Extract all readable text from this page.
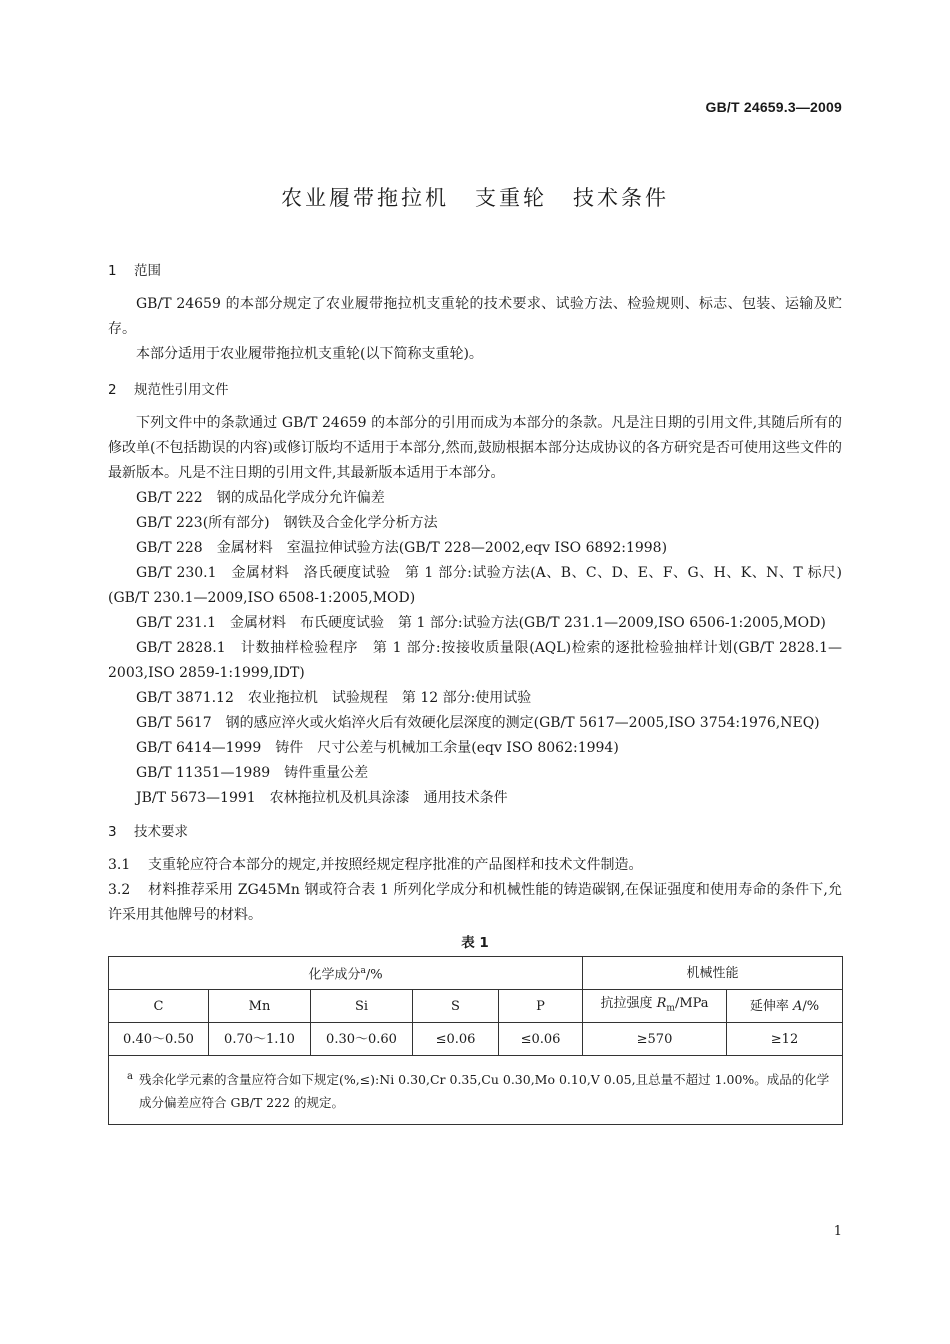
GB/T 24659.3—2009
农业履带拖拉机 支重轮 技术条件
1 范围
GB/T 24659 的本部分规定了农业履带拖拉机支重轮的技术要求、试验方法、检验规则、标志、包装、运输及贮存。
本部分适用于农业履带拖拉机支重轮(以下简称支重轮)。
2 规范性引用文件
下列文件中的条款通过 GB/T 24659 的本部分的引用而成为本部分的条款。凡是注日期的引用文件,其随后所有的修改单(不包括勘误的内容)或修订版均不适用于本部分,然而,鼓励根据本部分达成协议的各方研究是否可使用这些文件的最新版本。凡是不注日期的引用文件,其最新版本适用于本部分。
GB/T 222　钢的成品化学成分允许偏差
GB/T 223(所有部分)　钢铁及合金化学分析方法
GB/T 228　金属材料　室温拉伸试验方法(GB/T 228—2002,eqv ISO 6892:1998)
GB/T 230.1　金属材料　洛氏硬度试验　第 1 部分:试验方法(A、B、C、D、E、F、G、H、K、N、T 标尺)(GB/T 230.1—2009,ISO 6508-1:2005,MOD)
GB/T 231.1　金属材料　布氏硬度试验　第 1 部分:试验方法(GB/T 231.1—2009,ISO 6506-1:2005,MOD)
GB/T 2828.1　计数抽样检验程序　第 1 部分:按接收质量限(AQL)检索的逐批检验抽样计划(GB/T 2828.1—2003,ISO 2859-1:1999,IDT)
GB/T 3871.12　农业拖拉机　试验规程　第 12 部分:使用试验
GB/T 5617　钢的感应淬火或火焰淬火后有效硬化层深度的测定(GB/T 5617—2005,ISO 3754:1976,NEQ)
GB/T 6414—1999　铸件　尺寸公差与机械加工余量(eqv ISO 8062:1994)
GB/T 11351—1989　铸件重量公差
JB/T 5673—1991　农林拖拉机及机具涂漆　通用技术条件
3 技术要求
3.1 支重轮应符合本部分的规定,并按照经规定程序批准的产品图样和技术文件制造。
3.2 材料推荐采用 ZG45Mn 钢或符合表 1 所列化学成分和机械性能的铸造碳钢,在保证强度和使用寿命的条件下,允许采用其他牌号的材料。
表 1
化学成分$^a$/%					机械性能	
C	Mn	Si	S	P	抗拉强度 $R_m$/MPa	延伸率 A/%
0.40～0.50	0.70～1.10	0.30～0.60	≤0.06	≤0.06	≥570	≥12
$^a$ 残余化学元素的含量应符合如下规定(%,≤):Ni 0.30,Cr 0.35,Cu 0.30,Mo 0.10,V 0.05,且总量不超过 1.00%。成品的化学成分偏差应符合 GB/T 222 的规定。						
1
